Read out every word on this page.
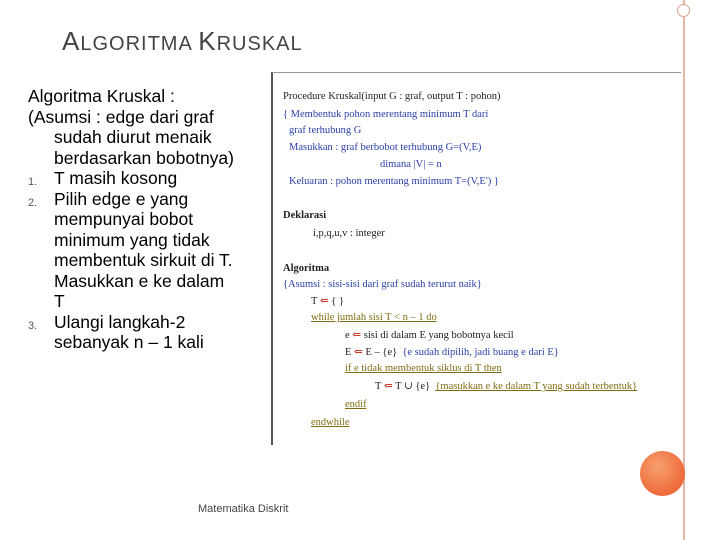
ALGORITMA KRUSKAL
Algoritma Kruskal :
(Asumsi : edge dari graf
sudah diurut menaik
berdasarkan bobotnya)
1. T masih kosong
2. Pilih edge e yang
mempunyai bobot
minimum yang tidak
membentuk sirkuit di T.
Masukkan e ke dalam
T
3. Ulangi langkah-2
sebanyak n – 1 kali
Procedure Kruskal(input G : graf, output T : pohon)
{ Membentuk pohon merentang minimum T dari
graf terhubung G
Masukkan : graf berbobot terhubung G=(V,E)
dimana |V| = n
Keluaran : pohon merentang minimum T=(V,E') }
Deklarasi
i,p,q,u,v : integer
Algoritma
{Asumsi : sisi-sisi dari graf sudah terurut naik}
T ⇐ { }
while jumlah sisi T < n – 1 do
e ⇐ sisi di dalam E yang bobotnya kecil
E ⇐ E – {e} {e sudah dipilih, jadi buang e dari E}
if e tidak membentuk siklus di T then
T ⇐ T ∪ {e} {masukkan e ke dalam T yang sudah terbentuk}
endif
endwhile
Matematika Diskrit
